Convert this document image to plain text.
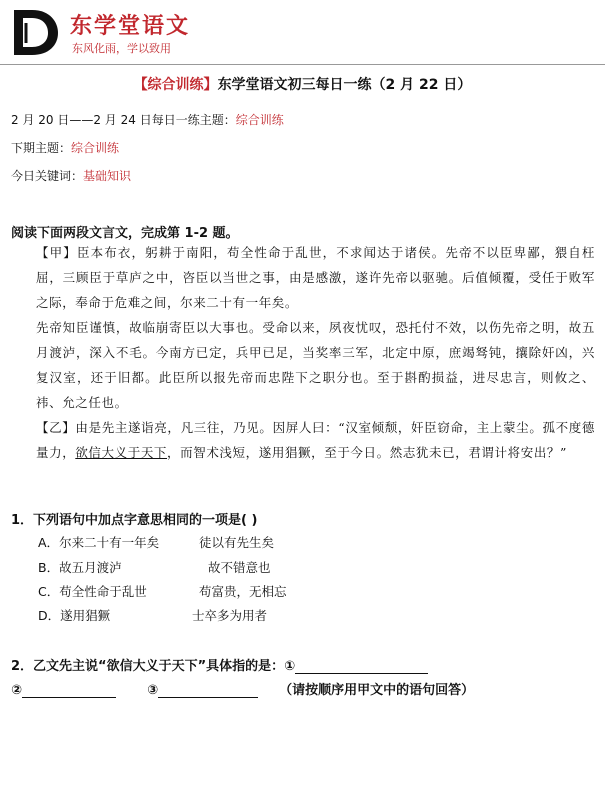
东学堂语文
东风化雨，学以致用
【综合训练】东学堂语文初三每日一练（2 月 22 日）
2 月 20 日——2 月 24 日每日一练主题：综合训练
下期主题：综合训练
今日关键词：基础知识
阅读下面两段文言文，完成第 1-2 题。
【甲】臣本布衣，躬耕于南阳，苟全性命于乱世，不求闻达于诸侯。先帝不以臣卑鄙，猥自枉屈，三顾臣于草庐之中，咨臣以当世之事，由是感激，遂许先帝以驱驰。后值倾覆，受任于败军之际，奉命于危难之间，尔来二十有一年矣。
先帝知臣谨慎，故临崩寄臣以大事也。受命以来，夙夜忧叹，恐托付不效，以伤先帝之明，故五月渡泸，深入不毛。今南方已定，兵甲已足，当奖率三军，北定中原，庶竭驽钝，攘除奸凶，兴复汉室，还于旧都。此臣所以报先帝而忠陛下之职分也。至于斟酌损益，进尽忠言，则攸之、祎、允之任也。
【乙】由是先主遂诣亮，凡三往，乃见。因屏人曰：“汉室倾颓，奸臣窃命，主上蒙尘。孤不度德量力，欲信大义于天下，而智术浅短，遂用猖獗，至于今日。然志犹未已，君谓计将安出？”
1．下列语句中加点字意思相同的一项是( )
A．尔来二十有一年矣	徒以有先生矣
B．故五月渡泸	故不错意也
C．苟全性命于乱世	苟富贵，无相忘
D．遂用猖獗	士卒多为用者
2．乙文先主说“欲信大义于天下”具体指的是：①
②	③	（请按顺序用甲文中的语句回答）
